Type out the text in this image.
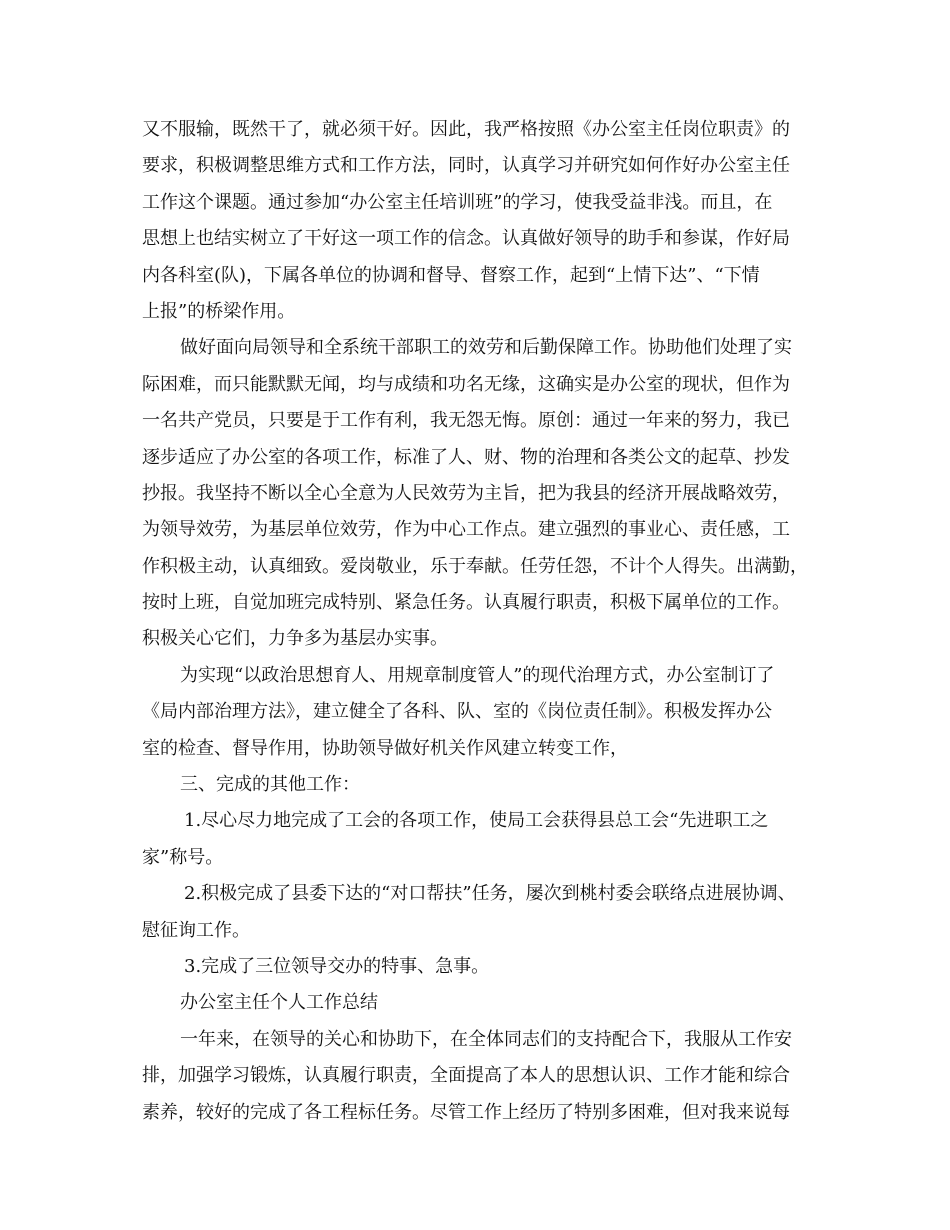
又不服输，既然干了，就必须干好。因此，我严格按照《办公室主任岗位职责》的
要求，积极调整思维方式和工作方法，同时，认真学习并研究如何作好办公室主任
工作这个课题。通过参加“办公室主任培训班”的学习，使我受益非浅。而且，在
思想上也结实树立了干好这一项工作的信念。认真做好领导的助手和参谋，作好局
内各科室(队)，下属各单位的协调和督导、督察工作，起到“上情下达”、“下情
上报”的桥梁作用。
做好面向局领导和全系统干部职工的效劳和后勤保障工作。协助他们处理了实
际困难，而只能默默无闻，均与成绩和功名无缘，这确实是办公室的现状，但作为
一名共产党员，只要是于工作有利，我无怨无悔。原创：通过一年来的努力，我已
逐步适应了办公室的各项工作，标准了人、财、物的治理和各类公文的起草、抄发
抄报。我坚持不断以全心全意为人民效劳为主旨，把为我县的经济开展战略效劳，
为领导效劳，为基层单位效劳，作为中心工作点。建立强烈的事业心、责任感，工
作积极主动，认真细致。爱岗敬业，乐于奉献。任劳任怨，不计个人得失。出满勤，
按时上班，自觉加班完成特别、紧急任务。认真履行职责，积极下属单位的工作。
积极关心它们，力争多为基层办实事。
为实现“以政治思想育人、用规章制度管人”的现代治理方式，办公室制订了
《局内部治理方法》，建立健全了各科、队、室的《岗位责任制》。积极发挥办公
室的检查、督导作用，协助领导做好机关作风建立转变工作，
三、完成的其他工作：
1.尽心尽力地完成了工会的各项工作，使局工会获得县总工会“先进职工之
家”称号。
2.积极完成了县委下达的“对口帮扶”任务，屡次到桃村委会联络点进展协调、
慰征询工作。
3.完成了三位领导交办的特事、急事。
办公室主任个人工作总结
一年来，在领导的关心和协助下，在全体同志们的支持配合下，我服从工作安
排，加强学习锻炼，认真履行职责，全面提高了本人的思想认识、工作才能和综合
素养，较好的完成了各工程标任务。尽管工作上经历了特别多困难，但对我来说每
